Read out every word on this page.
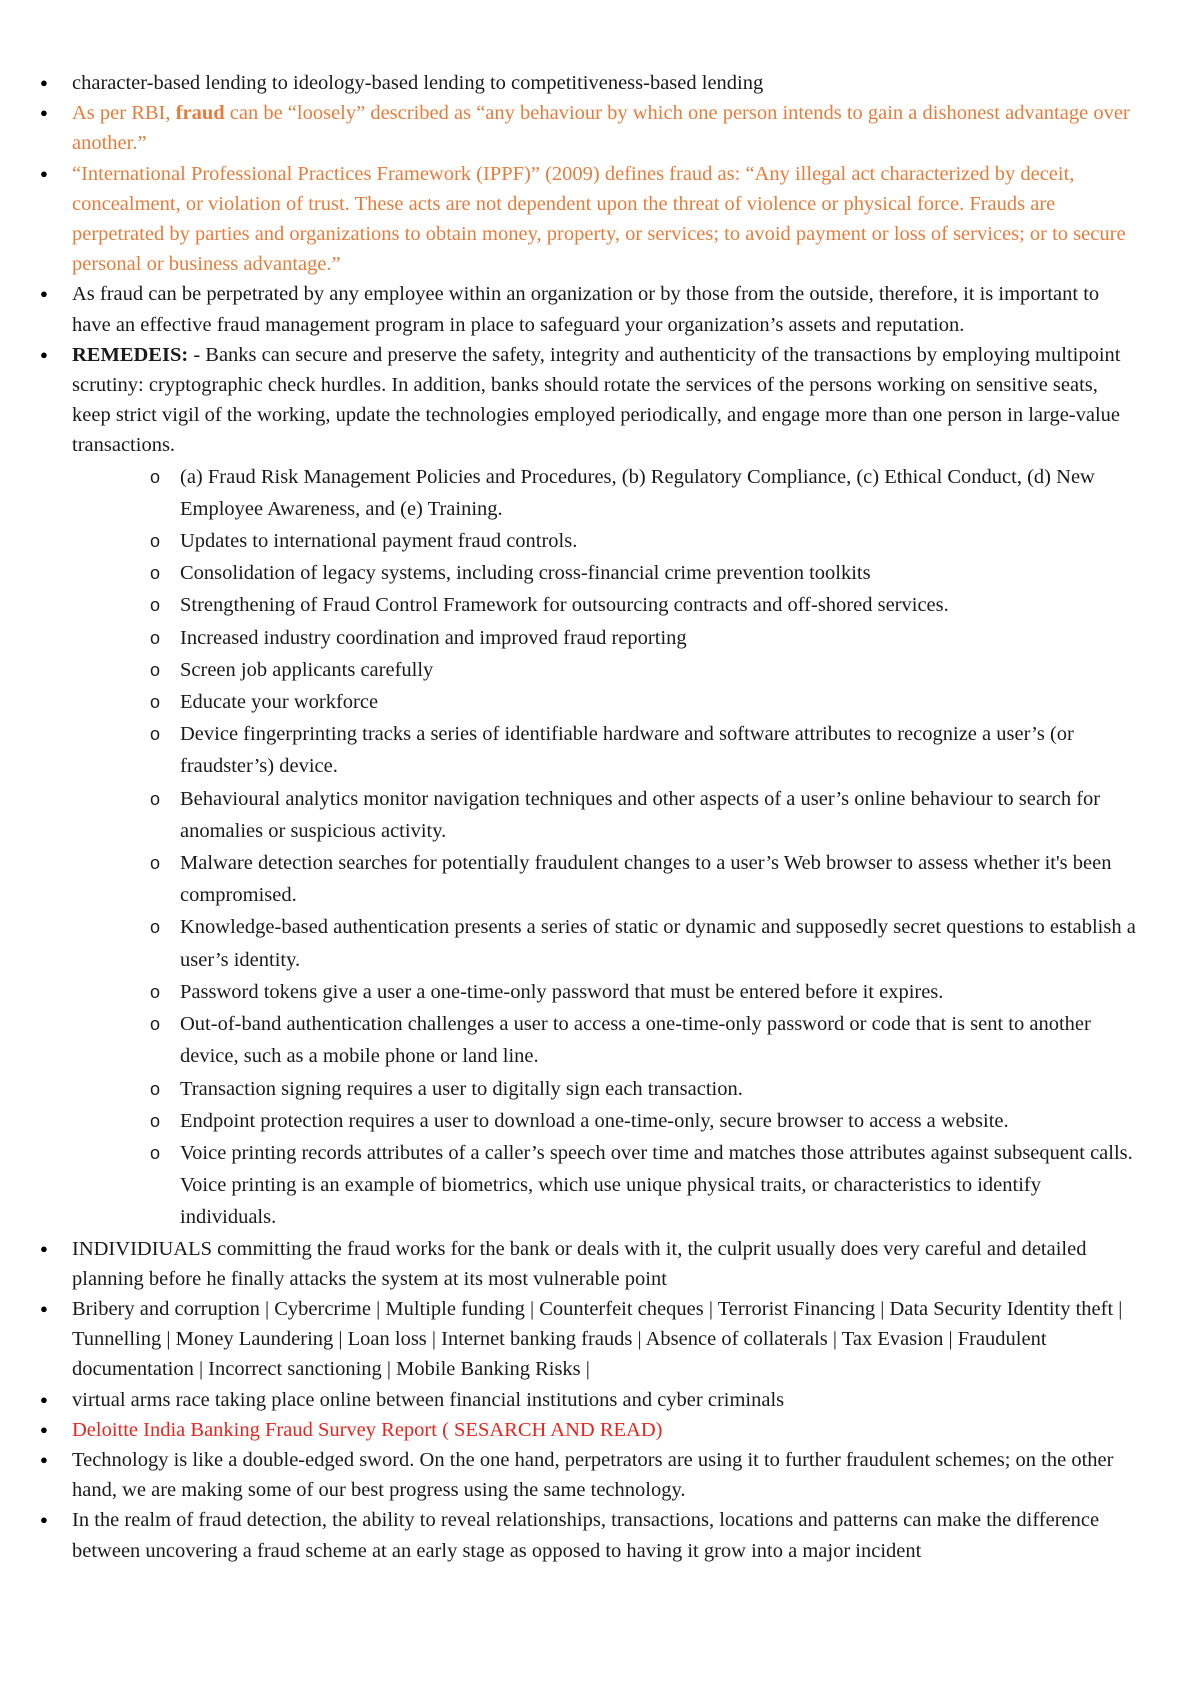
● character-based lending to ideology-based lending to competitiveness-based lending
● As per RBI, fraud can be “loosely” described as “any behaviour by which one person intends to gain a dishonest advantage over another.”
● “International Professional Practices Framework (IPPF)” (2009) defines fraud as: “Any illegal act characterized by deceit, concealment, or violation of trust. These acts are not dependent upon the threat of violence or physical force. Frauds are perpetrated by parties and organizations to obtain money, property, or services; to avoid payment or loss of services; or to secure personal or business advantage.”
● As fraud can be perpetrated by any employee within an organization or by those from the outside, therefore, it is important to have an effective fraud management program in place to safeguard your organization’s assets and reputation.
● REMEDEIS: - Banks can secure and preserve the safety, integrity and authenticity of the transactions by employing multipoint scrutiny: cryptographic check hurdles. In addition, banks should rotate the services of the persons working on sensitive seats, keep strict vigil of the working, update the technologies employed periodically, and engage more than one person in large-value transactions.
o (a) Fraud Risk Management Policies and Procedures, (b) Regulatory Compliance, (c) Ethical Conduct, (d) New Employee Awareness, and (e) Training.
o Updates to international payment fraud controls.
o Consolidation of legacy systems, including cross-financial crime prevention toolkits
o Strengthening of Fraud Control Framework for outsourcing contracts and off-shored services.
o Increased industry coordination and improved fraud reporting
o Screen job applicants carefully
o Educate your workforce
o Device fingerprinting tracks a series of identifiable hardware and software attributes to recognize a user’s (or fraudster’s) device.
o Behavioural analytics monitor navigation techniques and other aspects of a user’s online behaviour to search for anomalies or suspicious activity.
o Malware detection searches for potentially fraudulent changes to a user’s Web browser to assess whether it's been compromised.
o Knowledge-based authentication presents a series of static or dynamic and supposedly secret questions to establish a user’s identity.
o Password tokens give a user a one-time-only password that must be entered before it expires.
o Out-of-band authentication challenges a user to access a one-time-only password or code that is sent to another device, such as a mobile phone or land line.
o Transaction signing requires a user to digitally sign each transaction.
o Endpoint protection requires a user to download a one-time-only, secure browser to access a website.
o Voice printing records attributes of a caller’s speech over time and matches those attributes against subsequent calls. Voice printing is an example of biometrics, which use unique physical traits, or characteristics to identify individuals.
● INDIVIDIUALS committing the fraud works for the bank or deals with it, the culprit usually does very careful and detailed planning before he finally attacks the system at its most vulnerable point
● Bribery and corruption | Cybercrime | Multiple funding | Counterfeit cheques | Terrorist Financing | Data Security Identity theft | Tunnelling | Money Laundering | Loan loss | Internet banking frauds | Absence of collaterals | Tax Evasion | Fraudulent documentation | Incorrect sanctioning | Mobile Banking Risks |
● virtual arms race taking place online between financial institutions and cyber criminals
● Deloitte India Banking Fraud Survey Report ( SESARCH AND READ)
● Technology is like a double-edged sword. On the one hand, perpetrators are using it to further fraudulent schemes; on the other hand, we are making some of our best progress using the same technology.
● In the realm of fraud detection, the ability to reveal relationships, transactions, locations and patterns can make the difference between uncovering a fraud scheme at an early stage as opposed to having it grow into a major incident
